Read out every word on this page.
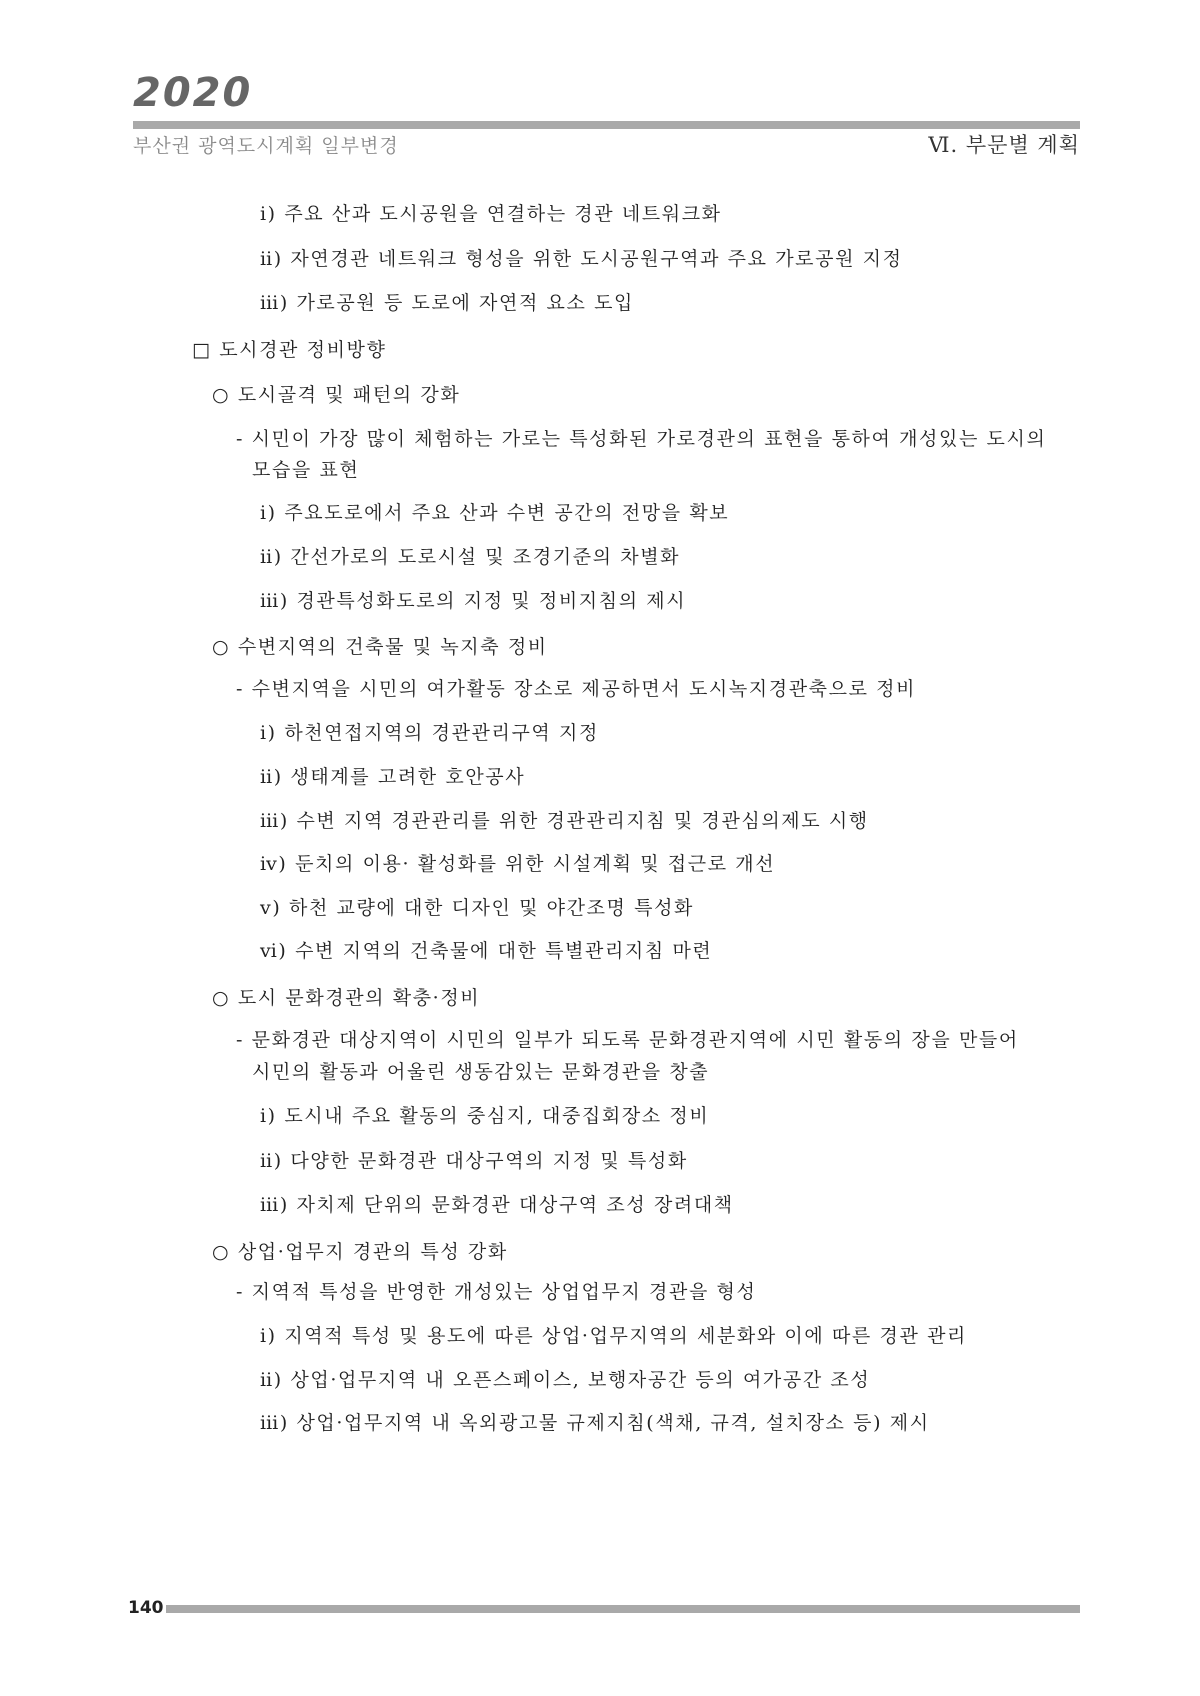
2020
부산권 광역도시계획 일부변경	Ⅵ. 부문별 계획
ⅰ) 주요 산과 도시공원을 연결하는 경관 네트워크화
ⅱ) 자연경관 네트워크 형성을 위한 도시공원구역과 주요 가로공원 지정
ⅲ) 가로공원 등 도로에 자연적 요소 도입
□ 도시경관 정비방향
○ 도시골격 및 패턴의 강화
- 시민이 가장 많이 체험하는 가로는 특성화된 가로경관의 표현을 통하여 개성있는 도시의
모습을 표현
ⅰ) 주요도로에서 주요 산과 수변 공간의 전망을 확보
ⅱ) 간선가로의 도로시설 및 조경기준의 차별화
ⅲ) 경관특성화도로의 지정 및 정비지침의 제시
○ 수변지역의 건축물 및 녹지축 정비
- 수변지역을 시민의 여가활동 장소로 제공하면서 도시녹지경관축으로 정비
ⅰ) 하천연접지역의 경관관리구역 지정
ⅱ) 생태계를 고려한 호안공사
ⅲ) 수변 지역 경관관리를 위한 경관관리지침 및 경관심의제도 시행
ⅳ) 둔치의 이용· 활성화를 위한 시설계획 및 접근로 개선
ⅴ) 하천 교량에 대한 디자인 및 야간조명 특성화
ⅵ) 수변 지역의 건축물에 대한 특별관리지침 마련
○ 도시 문화경관의 확충·정비
- 문화경관 대상지역이 시민의 일부가 되도록 문화경관지역에 시민 활동의 장을 만들어
시민의 활동과 어울린 생동감있는 문화경관을 창출
ⅰ) 도시내 주요 활동의 중심지, 대중집회장소 정비
ⅱ) 다양한 문화경관 대상구역의 지정 및 특성화
ⅲ) 자치제 단위의 문화경관 대상구역 조성 장려대책
○ 상업·업무지 경관의 특성 강화
- 지역적 특성을 반영한 개성있는 상업업무지 경관을 형성
ⅰ) 지역적 특성 및 용도에 따른 상업·업무지역의 세분화와 이에 따른 경관 관리
ⅱ) 상업·업무지역 내 오픈스페이스, 보행자공간 등의 여가공간 조성
ⅲ) 상업·업무지역 내 옥외광고물 규제지침(색채, 규격, 설치장소 등) 제시
140
